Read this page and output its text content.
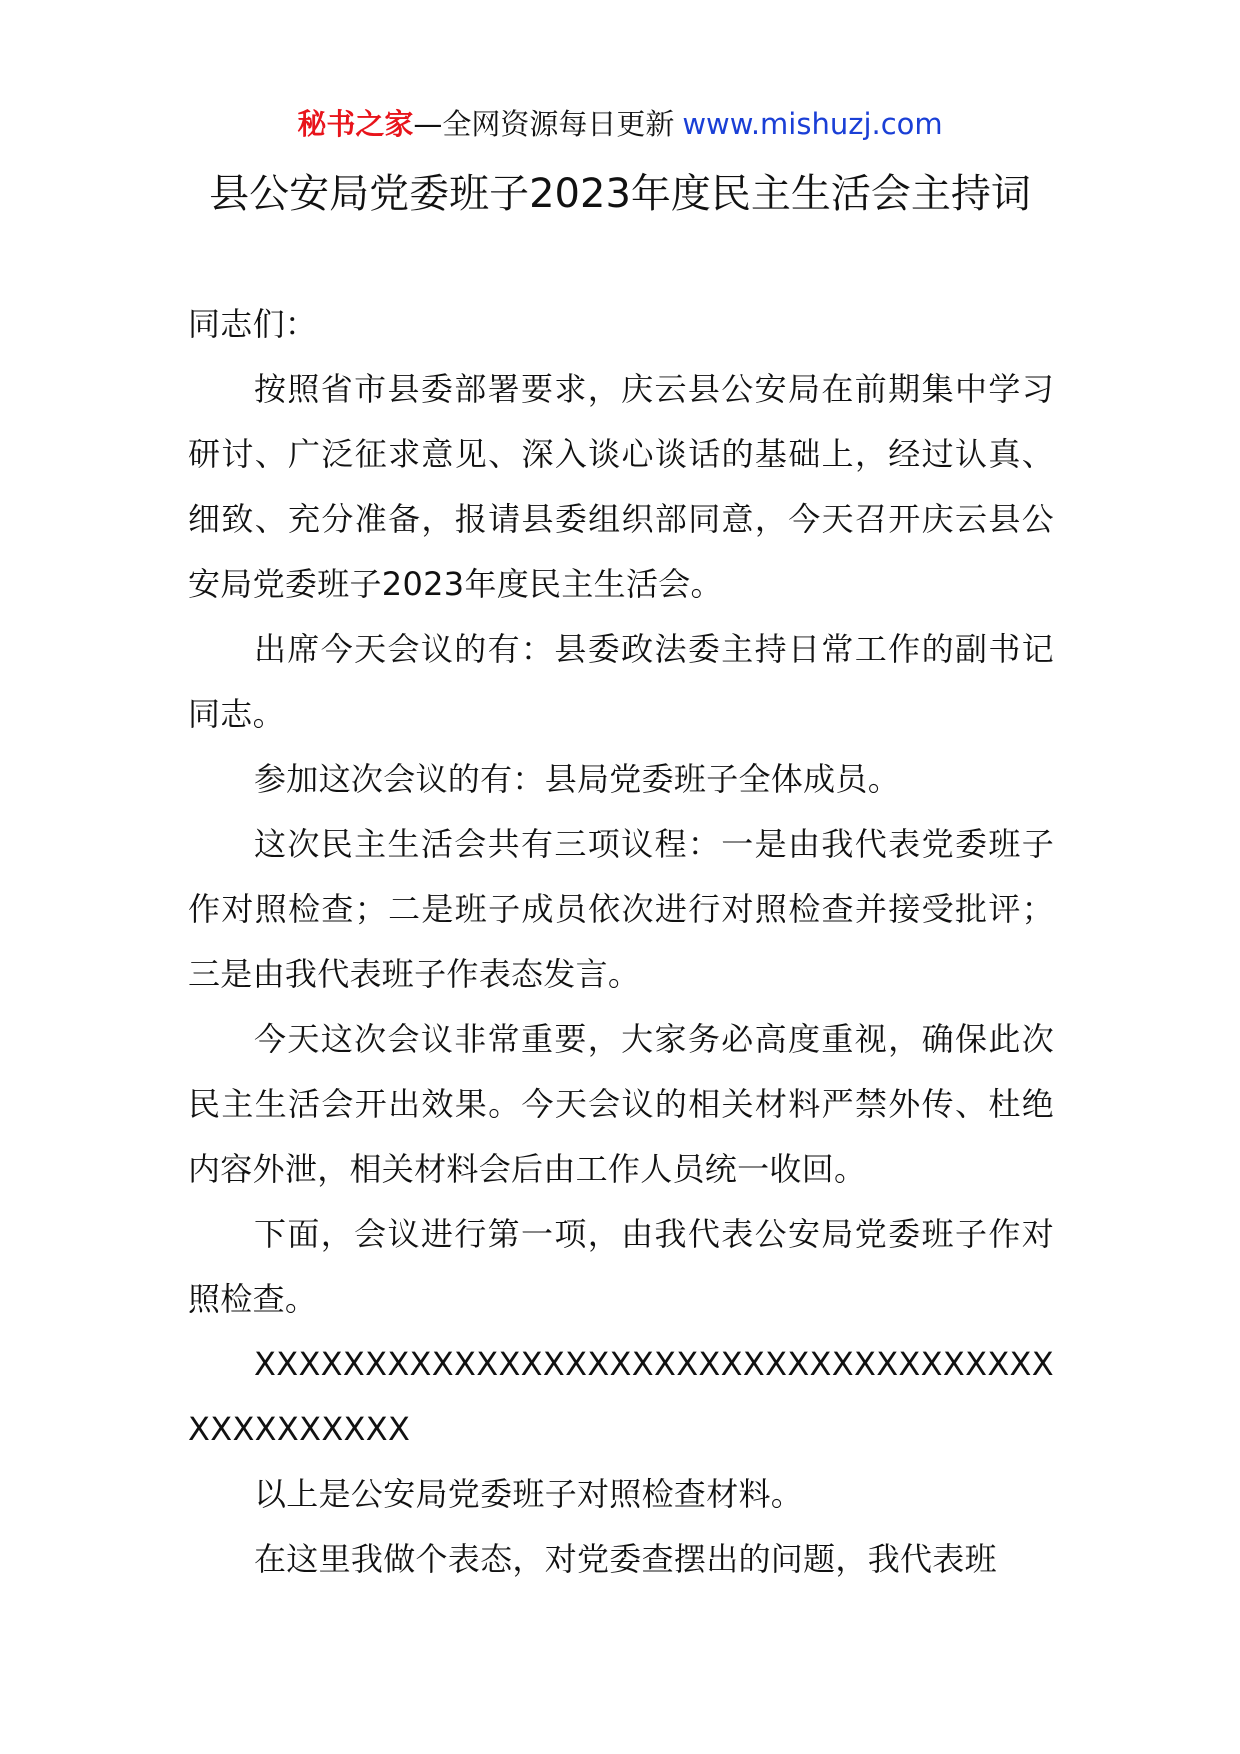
秘书之家—全网资源每日更新 www.mishuzj.com
县公安局党委班子2023年度民主生活会主持词

同志们：

按照省市县委部署要求，庆云县公安局在前期集中学习研讨、广泛征求意见、深入谈心谈话的基础上，经过认真、细致、充分准备，报请县委组织部同意，今天召开庆云县公安局党委班子2023年度民主生活会。

出席今天会议的有：县委政法委主持日常工作的副书记同志。

参加这次会议的有：县局党委班子全体成员。

这次民主生活会共有三项议程：一是由我代表党委班子作对照检查；二是班子成员依次进行对照检查并接受批评；三是由我代表班子作表态发言。

今天这次会议非常重要，大家务必高度重视，确保此次民主生活会开出效果。今天会议的相关材料严禁外传、杜绝内容外泄，相关材料会后由工作人员统一收回。

下面，会议进行第一项，由我代表公安局党委班子作对照检查。

XXXXXXXXXXXXXXXXXXXXXXXXXXXXXXXXXXXXXXXXXXXXXX

以上是公安局党委班子对照检查材料。

在这里我做个表态，对党委查摆出的问题，我代表班
